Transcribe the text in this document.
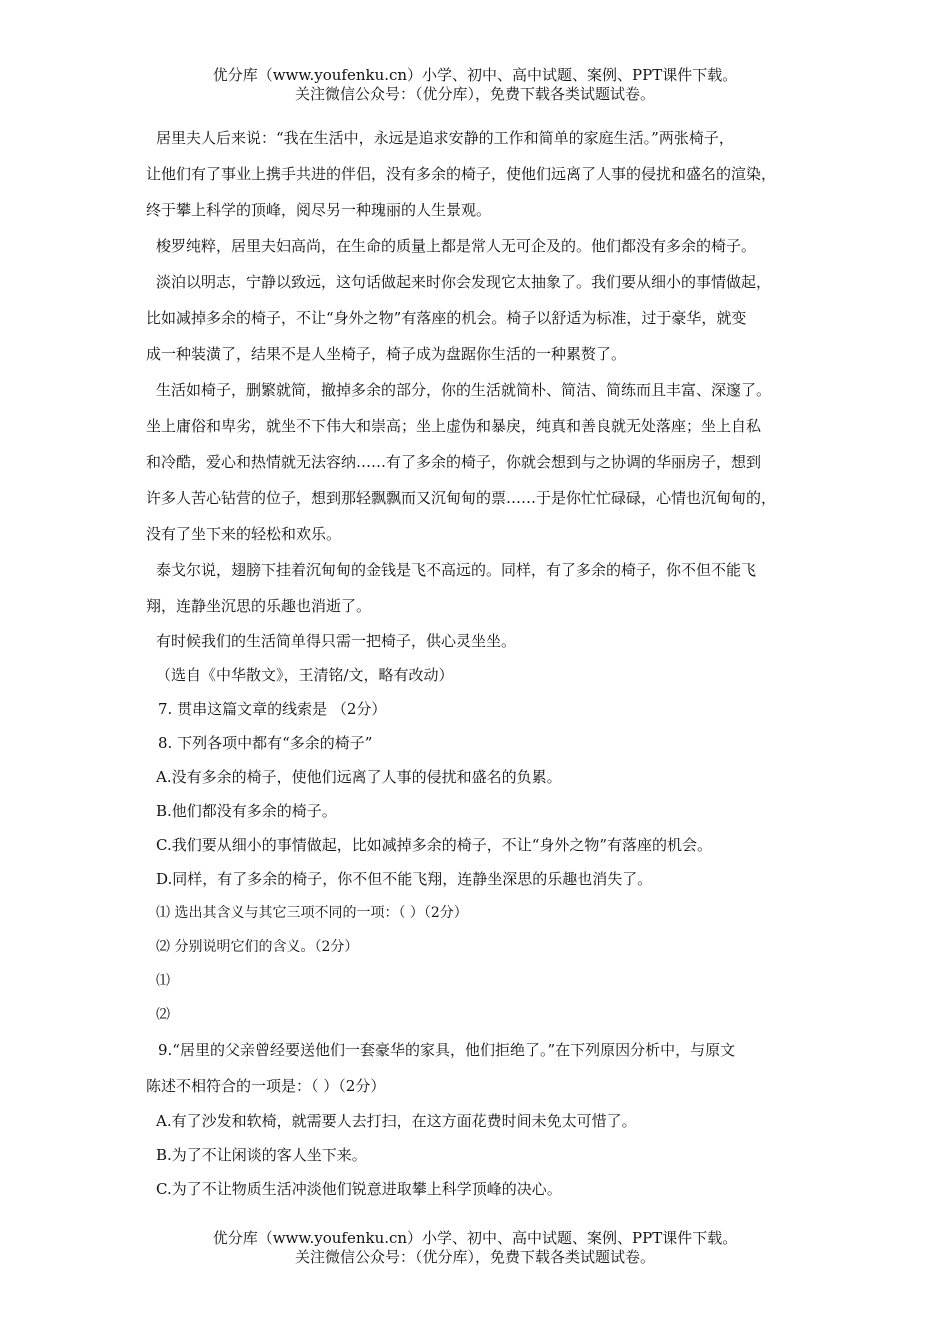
优分库（www.youfenku.cn）小学、初中、高中试题、案例、PPT课件下载。
关注微信公众号：（优分库），免费下载各类试题试卷。
居里夫人后来说：“我在生活中，永远是追求安静的工作和简单的家庭生活。”两张椅子，
让他们有了事业上携手共进的伴侣，没有多余的椅子，使他们远离了人事的侵扰和盛名的渲染，
终于攀上科学的顶峰，阅尽另一种瑰丽的人生景观。
梭罗纯粹，居里夫妇高尚，在生命的质量上都是常人无可企及的。他们都没有多余的椅子。
淡泊以明志，宁静以致远，这句话做起来时你会发现它太抽象了。我们要从细小的事情做起，
比如减掉多余的椅子，不让“身外之物”有落座的机会。椅子以舒适为标准，过于豪华，就变
成一种装潢了，结果不是人坐椅子，椅子成为盘踞你生活的一种累赘了。
生活如椅子，删繁就简，撤掉多余的部分，你的生活就简朴、简洁、简练而且丰富、深邃了。
坐上庸俗和卑劣，就坐不下伟大和崇高；坐上虚伪和暴戾，纯真和善良就无处落座；坐上自私
和冷酷，爱心和热情就无法容纳……有了多余的椅子，你就会想到与之协调的华丽房子，想到
许多人苦心钻营的位子，想到那轻飘飘而又沉甸甸的票……于是你忙忙碌碌，心情也沉甸甸的，
没有了坐下来的轻松和欢乐。
泰戈尔说，翅膀下挂着沉甸甸的金钱是飞不高远的。同样，有了多余的椅子，你不但不能飞
翔，连静坐沉思的乐趣也消逝了。
有时候我们的生活简单得只需一把椅子，供心灵坐坐。
（选自《中华散文》，王清铭/文，略有改动）
7. 贯串这篇文章的线索是 （2分）
8. 下列各项中都有“多余的椅子”
A.没有多余的椅子，使他们远离了人事的侵扰和盛名的负累。
B.他们都没有多余的椅子。
C.我们要从细小的事情做起，比如减掉多余的椅子，不让“身外之物”有落座的机会。
D.同样，有了多余的椅子，你不但不能飞翔，连静坐深思的乐趣也消失了。
⑴ 选出其含义与其它三项不同的一项：（ ）（2分）
⑵ 分别说明它们的含义。（2分）
⑴
⑵
9.“居里的父亲曾经要送他们一套豪华的家具，他们拒绝了。”在下列原因分析中，与原文
陈述不相符合的一项是：（ ）（2分）
A.有了沙发和软椅，就需要人去打扫，在这方面花费时间未免太可惜了。
B.为了不让闲谈的客人坐下来。
C.为了不让物质生活冲淡他们锐意进取攀上科学顶峰的决心。
优分库（www.youfenku.cn）小学、初中、高中试题、案例、PPT课件下载。
关注微信公众号：（优分库），免费下载各类试题试卷。
